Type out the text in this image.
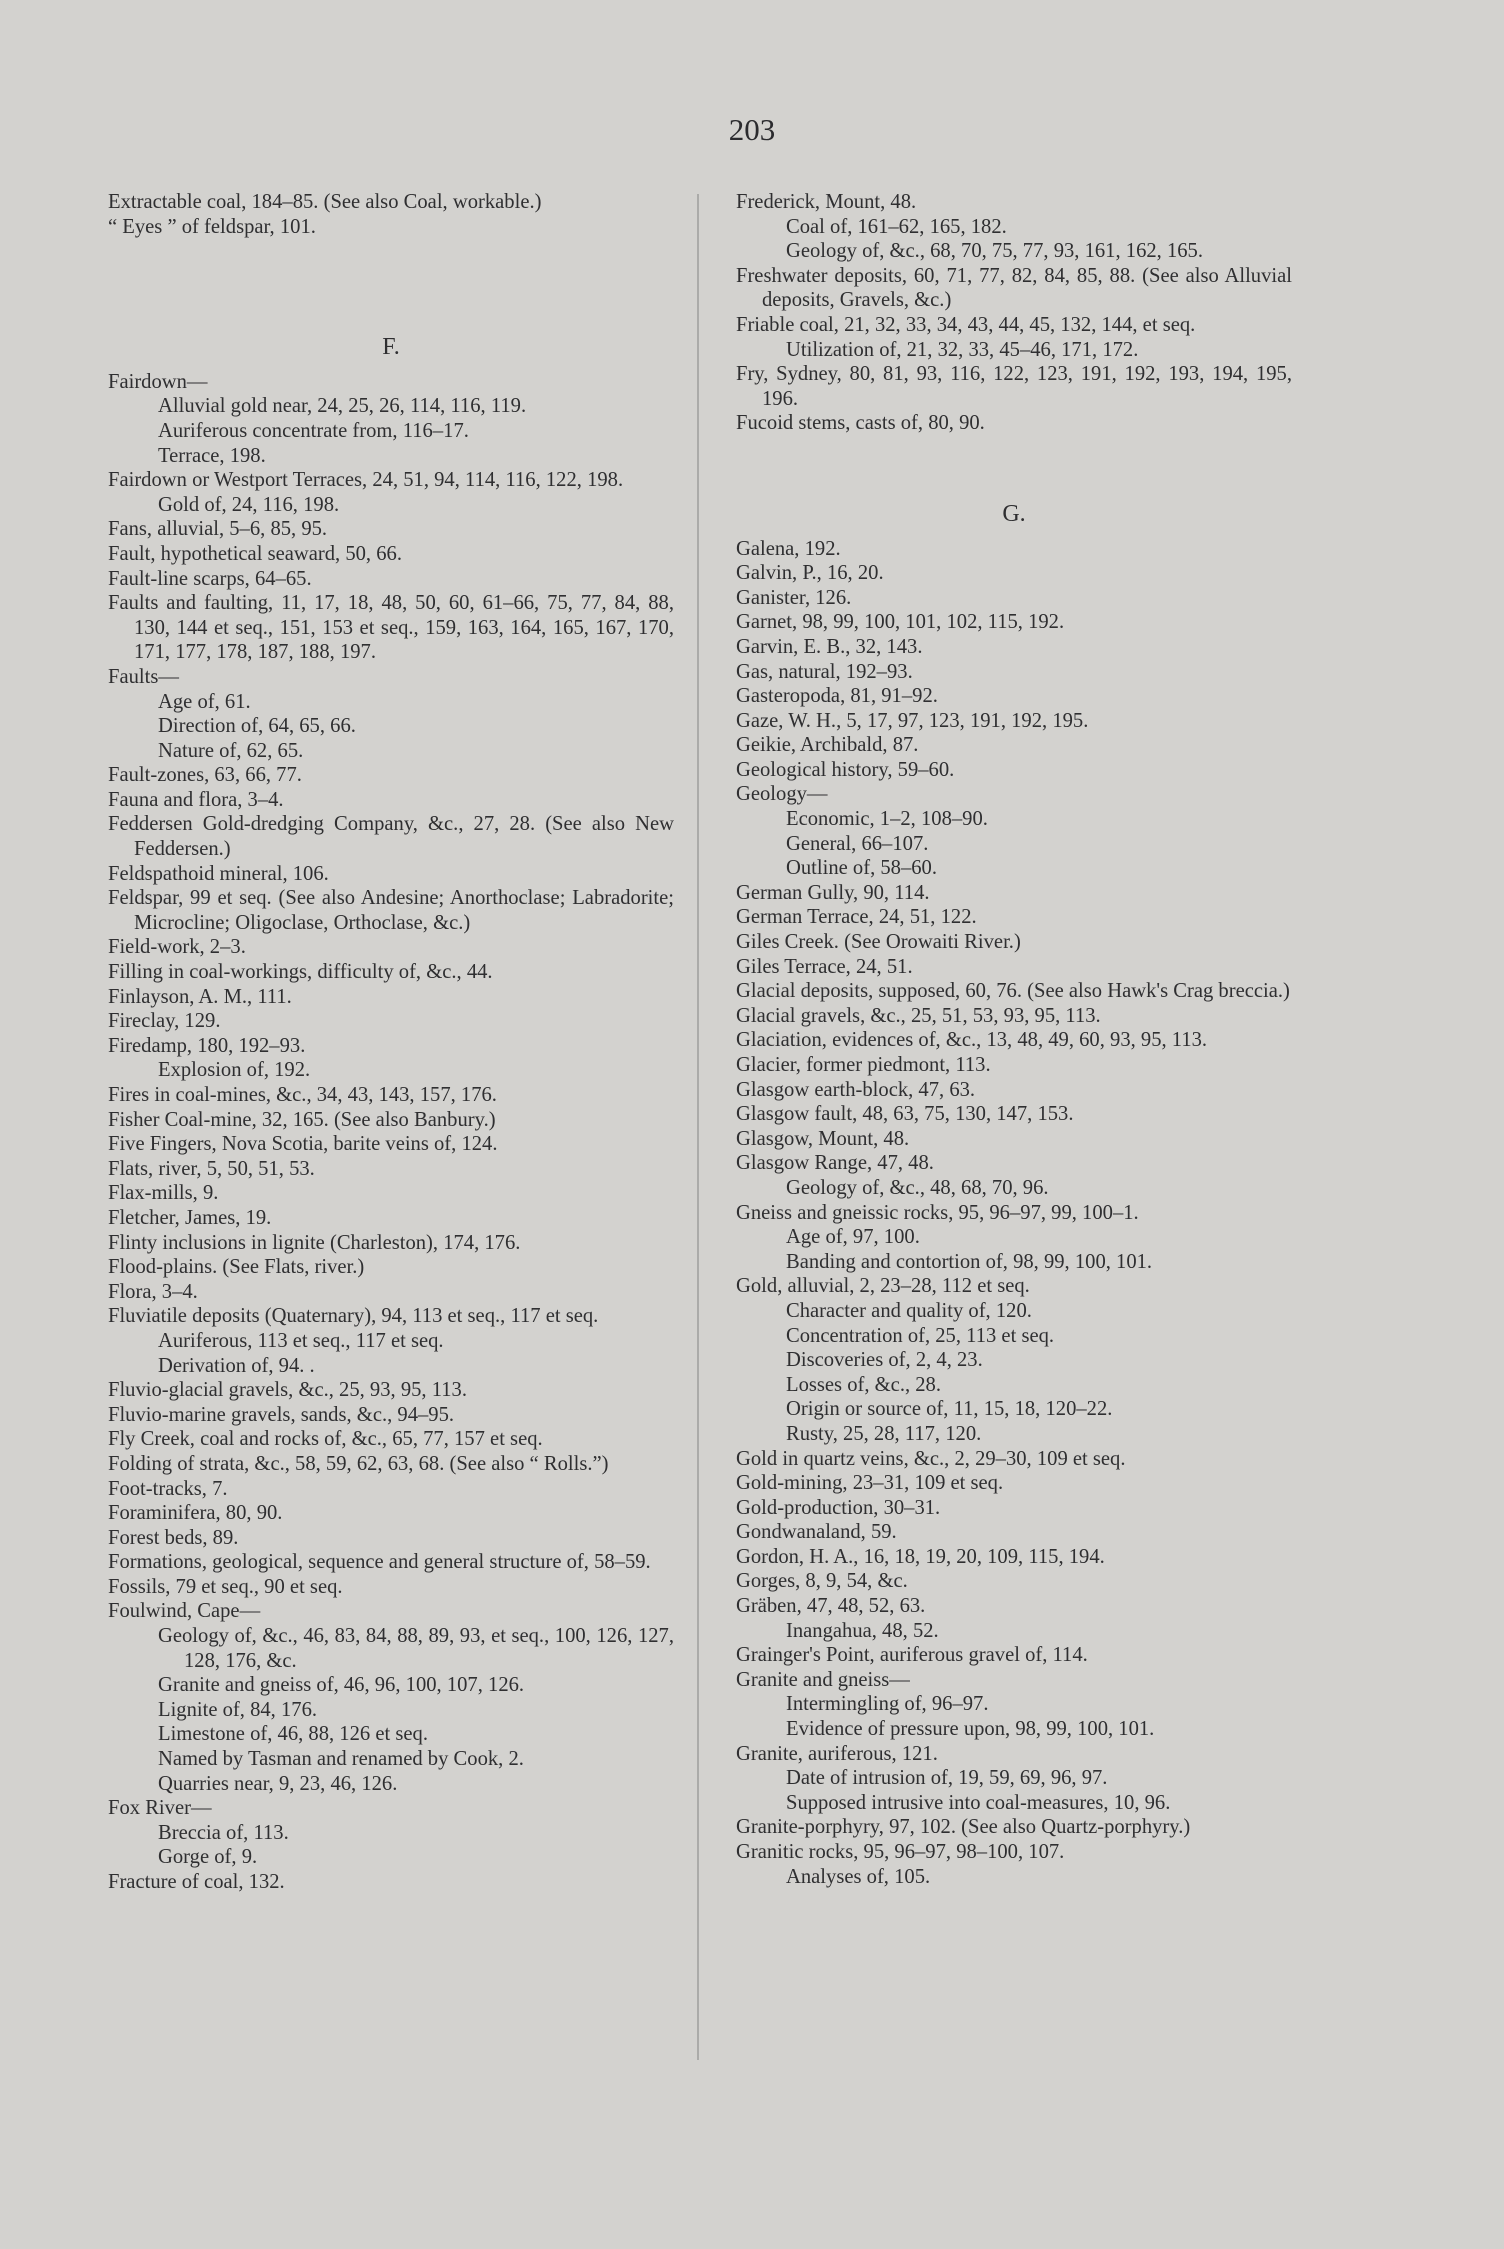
203

Extractable coal, 184–85. (See also Coal, workable.)

“ Eyes ” of feldspar, 101.

F.

Fairdown—

Alluvial gold near, 24, 25, 26, 114, 116, 119.

Auriferous concentrate from, 116–17.

Terrace, 198.

Fairdown or Westport Terraces, 24, 51, 94, 114, 116, 122, 198.

Gold of, 24, 116, 198.

Fans, alluvial, 5–6, 85, 95.

Fault, hypothetical seaward, 50, 66.

Fault-line scarps, 64–65.

Faults and faulting, 11, 17, 18, 48, 50, 60, 61–66, 75, 77, 84, 88, 130, 144 et seq., 151, 153 et seq., 159, 163, 164, 165, 167, 170, 171, 177, 178, 187, 188, 197.

Faults—

Age of, 61.

Direction of, 64, 65, 66.

Nature of, 62, 65.

Fault-zones, 63, 66, 77.

Fauna and flora, 3–4.

Feddersen Gold-dredging Company, &c., 27, 28. (See also New Feddersen.)

Feldspathoid mineral, 106.

Feldspar, 99 et seq. (See also Andesine; Anorthoclase; Labradorite; Microcline; Oligoclase, Orthoclase, &c.)

Field-work, 2–3.

Filling in coal-workings, difficulty of, &c., 44.

Finlayson, A. M., 111.

Fireclay, 129.

Firedamp, 180, 192–93.

Explosion of, 192.

Fires in coal-mines, &c., 34, 43, 143, 157, 176.

Fisher Coal-mine, 32, 165. (See also Banbury.)

Five Fingers, Nova Scotia, barite veins of, 124.

Flats, river, 5, 50, 51, 53.

Flax-mills, 9.

Fletcher, James, 19.

Flinty inclusions in lignite (Charleston), 174, 176.

Flood-plains. (See Flats, river.)

Flora, 3–4.

Fluviatile deposits (Quaternary), 94, 113 et seq., 117 et seq.

Auriferous, 113 et seq., 117 et seq.

Derivation of, 94. .

Fluvio-glacial gravels, &c., 25, 93, 95, 113.

Fluvio-marine gravels, sands, &c., 94–95.

Fly Creek, coal and rocks of, &c., 65, 77, 157 et seq.

Folding of strata, &c., 58, 59, 62, 63, 68. (See also “ Rolls.”)

Foot-tracks, 7.

Foraminifera, 80, 90.

Forest beds, 89.

Formations, geological, sequence and general structure of, 58–59.

Fossils, 79 et seq., 90 et seq.

Foulwind, Cape—

Geology of, &c., 46, 83, 84, 88, 89, 93, et seq., 100, 126, 127, 128, 176, &c.

Granite and gneiss of, 46, 96, 100, 107, 126.

Lignite of, 84, 176.

Limestone of, 46, 88, 126 et seq.

Named by Tasman and renamed by Cook, 2.

Quarries near, 9, 23, 46, 126.

Fox River—

Breccia of, 113.

Gorge of, 9.

Fracture of coal, 132.

Frederick, Mount, 48.

Coal of, 161–62, 165, 182.

Geology of, &c., 68, 70, 75, 77, 93, 161, 162, 165.

Freshwater deposits, 60, 71, 77, 82, 84, 85, 88. (See also Alluvial deposits, Gravels, &c.)

Friable coal, 21, 32, 33, 34, 43, 44, 45, 132, 144, et seq.

Utilization of, 21, 32, 33, 45–46, 171, 172.

Fry, Sydney, 80, 81, 93, 116, 122, 123, 191, 192, 193, 194, 195, 196.

Fucoid stems, casts of, 80, 90.

G.

Galena, 192.

Galvin, P., 16, 20.

Ganister, 126.

Garnet, 98, 99, 100, 101, 102, 115, 192.

Garvin, E. B., 32, 143.

Gas, natural, 192–93.

Gasteropoda, 81, 91–92.

Gaze, W. H., 5, 17, 97, 123, 191, 192, 195.

Geikie, Archibald, 87.

Geological history, 59–60.

Geology—

Economic, 1–2, 108–90.

General, 66–107.

Outline of, 58–60.

German Gully, 90, 114.

German Terrace, 24, 51, 122.

Giles Creek. (See Orowaiti River.)

Giles Terrace, 24, 51.

Glacial deposits, supposed, 60, 76. (See also Hawk's Crag breccia.)

Glacial gravels, &c., 25, 51, 53, 93, 95, 113.

Glaciation, evidences of, &c., 13, 48, 49, 60, 93, 95, 113.

Glacier, former piedmont, 113.

Glasgow earth-block, 47, 63.

Glasgow fault, 48, 63, 75, 130, 147, 153.

Glasgow, Mount, 48.

Glasgow Range, 47, 48.

Geology of, &c., 48, 68, 70, 96.

Gneiss and gneissic rocks, 95, 96–97, 99, 100–1.

Age of, 97, 100.

Banding and contortion of, 98, 99, 100, 101.

Gold, alluvial, 2, 23–28, 112 et seq.

Character and quality of, 120.

Concentration of, 25, 113 et seq.

Discoveries of, 2, 4, 23.

Losses of, &c., 28.

Origin or source of, 11, 15, 18, 120–22.

Rusty, 25, 28, 117, 120.

Gold in quartz veins, &c., 2, 29–30, 109 et seq.

Gold-mining, 23–31, 109 et seq.

Gold-production, 30–31.

Gondwanaland, 59.

Gordon, H. A., 16, 18, 19, 20, 109, 115, 194.

Gorges, 8, 9, 54, &c.

Gräben, 47, 48, 52, 63.

Inangahua, 48, 52.

Grainger's Point, auriferous gravel of, 114.

Granite and gneiss—

Intermingling of, 96–97.

Evidence of pressure upon, 98, 99, 100, 101.

Granite, auriferous, 121.

Date of intrusion of, 19, 59, 69, 96, 97.

Supposed intrusive into coal-measures, 10, 96.

Granite-porphyry, 97, 102. (See also Quartz-porphyry.)

Granitic rocks, 95, 96–97, 98–100, 107.

Analyses of, 105.
